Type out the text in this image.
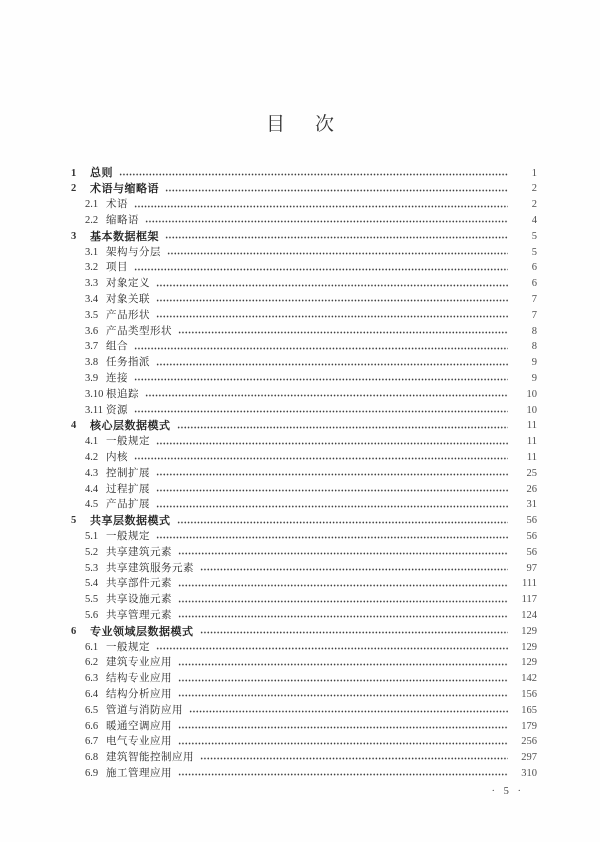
目 次
1	总则	1
2	术语与缩略语	2
2.1 术语	2
2.2 缩略语	4
3	基本数据框架	5
3.1 架构与分层	5
3.2 项目	6
3.3 对象定义	6
3.4 对象关联	7
3.5 产品形状	7
3.6 产品类型形状	8
3.7 组合	8
3.8 任务指派	9
3.9 连接	9
3.10 根追踪	10
3.11 资源	10
4	核心层数据模式	11
4.1 一般规定	11
4.2 内核	11
4.3 控制扩展	25
4.4 过程扩展	26
4.5 产品扩展	31
5	共享层数据模式	56
5.1 一般规定	56
5.2 共享建筑元素	56
5.3 共享建筑服务元素	97
5.4 共享部件元素	111
5.5 共享设施元素	117
5.6 共享管理元素	124
6	专业领域层数据模式	129
6.1 一般规定	129
6.2 建筑专业应用	129
6.3 结构专业应用	142
6.4 结构分析应用	156
6.5 管道与消防应用	165
6.6 暖通空调应用	179
6.7 电气专业应用	256
6.8 建筑智能控制应用	297
6.9 施工管理应用	310
· 5 ·
